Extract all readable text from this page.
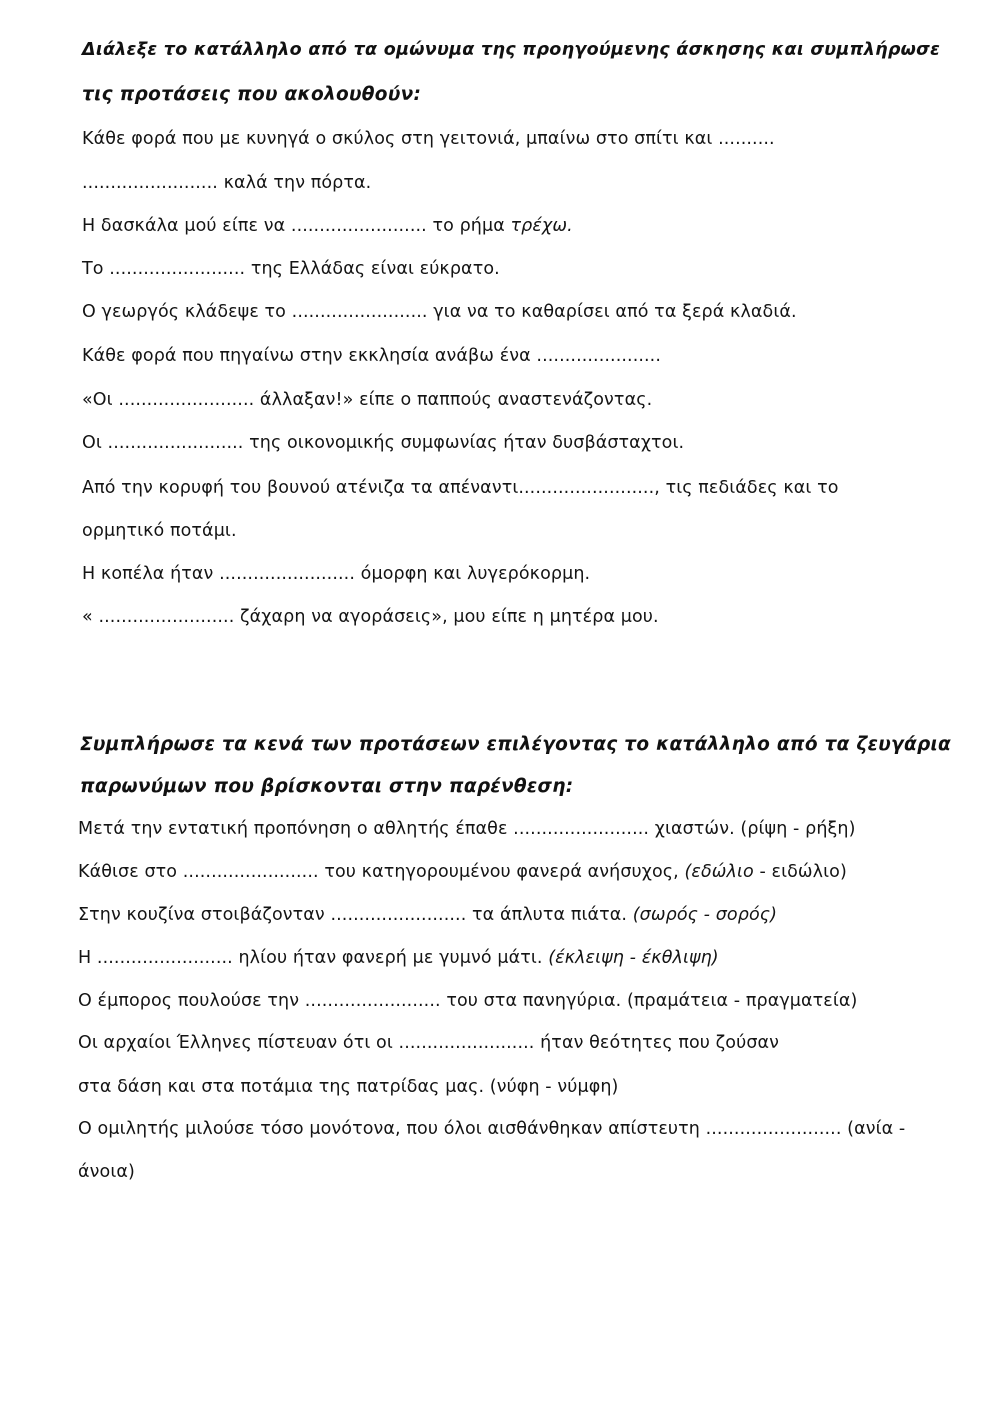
Διάλεξε το κατάλληλο από τα ομώνυμα της προηγούμενης άσκησης και συμπλήρωσε
τις προτάσεις που ακολουθούν:
Κάθε φορά που με κυνηγά ο σκύλος στη γειτονιά, μπαίνω στο σπίτι και ..........
........................ καλά την πόρτα.
Η δασκάλα μού είπε να ........................ το ρήμα τρέχω.
Το ........................ της Ελλάδας είναι εύκρατο.
Ο γεωργός κλάδεψε το ........................ για να το καθαρίσει από τα ξερά κλαδιά.
Κάθε φορά που πηγαίνω στην εκκλησία ανάβω ένα ......................
«Οι ........................ άλλαξαν!» είπε ο παππούς αναστενάζοντας.
Οι ........................ της οικονομικής συμφωνίας ήταν δυσβάσταχτοι.
Από την κορυφή του βουνού ατένιζα τα απέναντι........................, τις πεδιάδες και το
ορμητικό ποτάμι.
Η κοπέλα ήταν ........................ όμορφη και λυγερόκορμη.
« ........................ ζάχαρη να αγοράσεις», μου είπε η μητέρα μου.
Συμπλήρωσε τα κενά των προτάσεων επιλέγοντας το κατάλληλο από τα ζευγάρια
παρωνύμων που βρίσκονται στην παρένθεση:
Μετά την εντατική προπόνηση ο αθλητής έπαθε ........................ χιαστών. (ρίψη - ρήξη)
Κάθισε στο ........................ του κατηγορουμένου φανερά ανήσυχος, (εδώλιο - ειδώλιο)
Στην κουζίνα στοιβάζονταν ........................ τα άπλυτα πιάτα. (σωρός - σορός)
Η ........................ ηλίου ήταν φανερή με γυμνό μάτι. (έκλειψη - έκθλιψη)
Ο έμπορος πουλούσε την ........................ του στα πανηγύρια. (πραμάτεια - πραγματεία)
Οι αρχαίοι Έλληνες πίστευαν ότι οι ........................ ήταν θεότητες που ζούσαν
στα δάση και στα ποτάμια της πατρίδας μας. (νύφη - νύμφη)
Ο ομιλητής μιλούσε τόσο μονότονα, που όλοι αισθάνθηκαν απίστευτη ........................ (ανία -
άνοια)
